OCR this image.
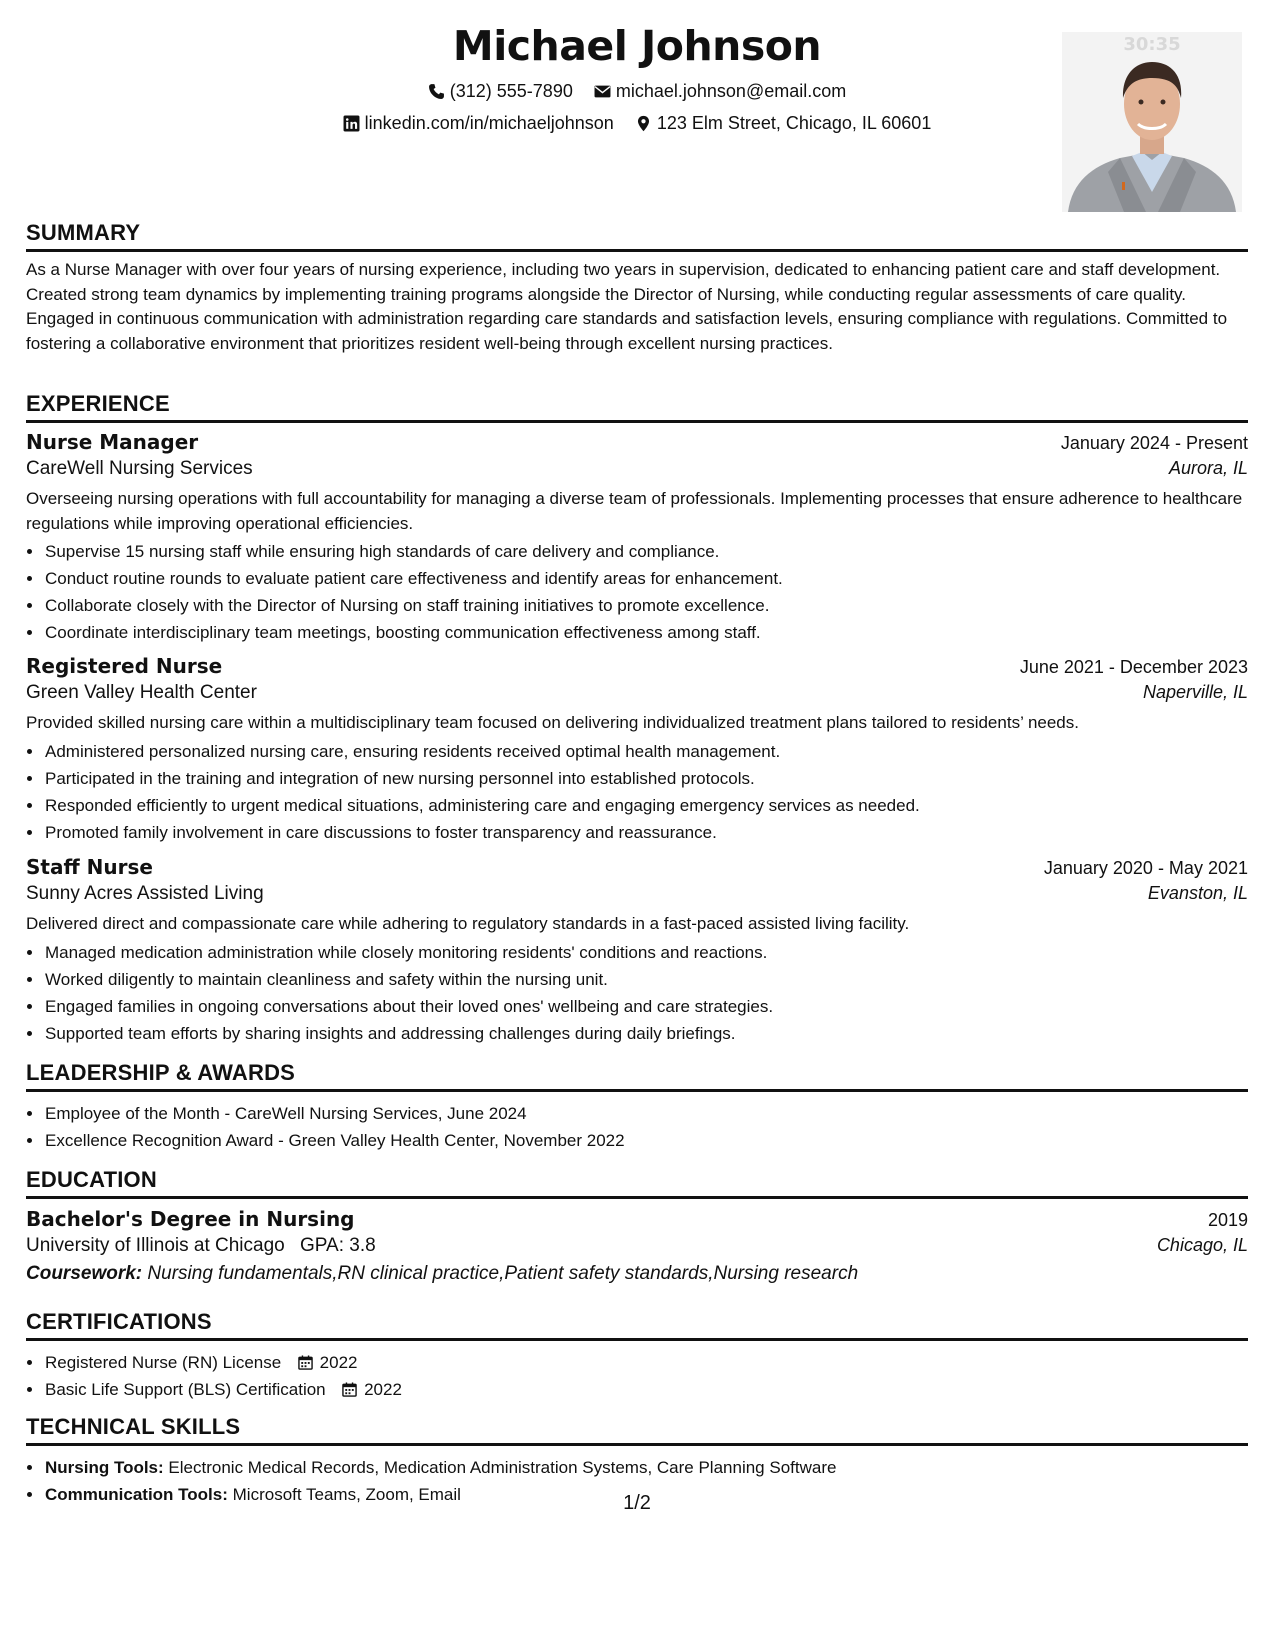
Michael Johnson
(312) 555-7890
michael.johnson@email.com
linkedin.com/in/michaeljohnson
123 Elm Street, Chicago, IL 60601
30:35
SUMMARY

As a Nurse Manager with over four years of nursing experience, including two years in supervision, dedicated to enhancing patient care and staff development. Created strong team dynamics by implementing training programs alongside the Director of Nursing, while conducting regular assessments of care quality. Engaged in continuous communication with administration regarding care standards and satisfaction levels, ensuring compliance with regulations. Committed to fostering a collaborative environment that prioritizes resident well-being through excellent nursing practices.

EXPERIENCE
Nurse Manager	January 2024 - Present
CareWell Nursing Services	Aurora, IL

Overseeing nursing operations with full accountability for managing a diverse team of professionals. Implementing processes that ensure adherence to healthcare regulations while improving operational efficiencies.

• Supervise 15 nursing staff while ensuring high standards of care delivery and compliance.
• Conduct routine rounds to evaluate patient care effectiveness and identify areas for enhancement.
• Collaborate closely with the Director of Nursing on staff training initiatives to promote excellence.
• Coordinate interdisciplinary team meetings, boosting communication effectiveness among staff.
Registered Nurse	June 2021 - December 2023
Green Valley Health Center	Naperville, IL

Provided skilled nursing care within a multidisciplinary team focused on delivering individualized treatment plans tailored to residents’ needs.

• Administered personalized nursing care, ensuring residents received optimal health management.
• Participated in the training and integration of new nursing personnel into established protocols.
• Responded efficiently to urgent medical situations, administering care and engaging emergency services as needed.
• Promoted family involvement in care discussions to foster transparency and reassurance.
Staff Nurse	January 2020 - May 2021
Sunny Acres Assisted Living	Evanston, IL

Delivered direct and compassionate care while adhering to regulatory standards in a fast-paced assisted living facility.

• Managed medication administration while closely monitoring residents' conditions and reactions.
• Worked diligently to maintain cleanliness and safety within the nursing unit.
• Engaged families in ongoing conversations about their loved ones' wellbeing and care strategies.
• Supported team efforts by sharing insights and addressing challenges during daily briefings.
LEADERSHIP & AWARDS
• Employee of the Month - CareWell Nursing Services, June 2024
• Excellence Recognition Award - Green Valley Health Center, November 2022
EDUCATION
Bachelor's Degree in Nursing	2019
University of Illinois at Chicago GPA: 3.8	Chicago, IL
Coursework: Nursing fundamentals,RN clinical practice,Patient safety standards,Nursing research
CERTIFICATIONS
• Registered Nurse (RN) License 2022
• Basic Life Support (BLS) Certification 2022
TECHNICAL SKILLS
• Nursing Tools: Electronic Medical Records, Medication Administration Systems, Care Planning Software
• Communication Tools: Microsoft Teams, Zoom, Email	1/2
